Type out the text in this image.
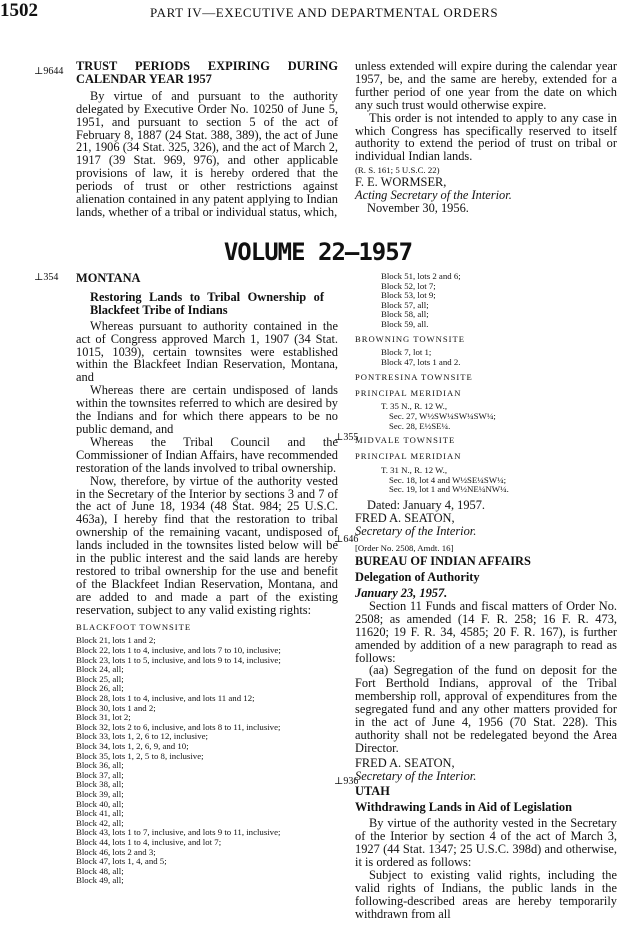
1502	PART IV—EXECUTIVE AND DEPARTMENTAL ORDERS
⊥9644
⊥354
⊥355
⊥646
⊥936

TRUST PERIODS EXPIRING DURING CALENDAR YEAR 1957

By virtue of and pursuant to the authority delegated by Executive Order No. 10250 of June 5, 1951, and pursuant to section 5 of the act of February 8, 1887 (24 Stat. 388, 389), the act of June 21, 1906 (34 Stat. 325, 326), and the act of March 2, 1917 (39 Stat. 969, 976), and other applicable provisions of law, it is hereby ordered that the periods of trust or other restrictions against alienation contained in any patent applying to Indian lands, whether of a tribal or individual status, which,

unless extended will expire during the calendar year 1957, be, and the same are hereby, extended for a further period of one year from the date on which any such trust would otherwise expire.

This order is not intended to apply to any case in which Congress has specifically reserved to itself authority to extend the period of trust on tribal or individual Indian lands.

(R. S. 161; 5 U.S.C. 22)

F. E. WORMSER,

Acting Secretary of the Interior.

November 30, 1956.

VOLUME 22—1957

MONTANA

Restoring Lands to Tribal Ownership of Blackfeet Tribe of Indians

Whereas pursuant to authority contained in the act of Congress approved March 1, 1907 (34 Stat. 1015, 1039), certain townsites were established within the Blackfeet Indian Reservation, Montana, and

Whereas there are certain undisposed of lands within the townsites referred to which are desired by the Indians and for which there appears to be no public demand, and

Whereas the Tribal Council and the Commissioner of Indian Affairs, have recommended restoration of the lands involved to tribal ownership.

Now, therefore, by virtue of the authority vested in the Secretary of the Interior by sections 3 and 7 of the act of June 18, 1934 (48 Stat. 984; 25 U.S.C. 463a), I hereby find that the restoration to tribal ownership of the remaining vacant, undisposed of lands included in the townsites listed below will be in the public interest and the said lands are hereby restored to tribal ownership for the use and benefit of the Blackfeet Indian Reservation, Montana, and are added to and made a part of the existing reservation, subject to any valid existing rights:

BLACKFOOT TOWNSITE

Block 21, lots 1 and 2;
Block 22, lots 1 to 4, inclusive, and lots 7 to 10, inclusive;
Block 23, lots 1 to 5, inclusive, and lots 9 to 14, inclusive;
Block 24, all;
Block 25, all;
Block 26, all;
Block 28, lots 1 to 4, inclusive, and lots 11 and 12;
Block 30, lots 1 and 2;
Block 31, lot 2;
Block 32, lots 2 to 6, inclusive, and lots 8 to 11, inclusive;
Block 33, lots 1, 2, 6 to 12, inclusive;
Block 34, lots 1, 2, 6, 9, and 10;
Block 35, lots 1, 2, 5 to 8, inclusive;
Block 36, all;
Block 37, all;
Block 38, all;
Block 39, all;
Block 40, all;
Block 41, all;
Block 42, all;
Block 43, lots 1 to 7, inclusive, and lots 9 to 11, inclusive;
Block 44, lots 1 to 4, inclusive, and lot 7;
Block 46, lots 2 and 3;
Block 47, lots 1, 4, and 5;
Block 48, all;
Block 49, all;
Block 51, lots 2 and 6;
Block 52, lot 7;
Block 53, lot 9;
Block 57, all;
Block 58, all;
Block 59, all.

BROWNING TOWNSITE

Block 7, lot 1;
Block 47, lots 1 and 2.

PONTRESINA TOWNSITE

PRINCIPAL MERIDIAN

T. 35 N., R. 12 W.,
Sec. 27, W½SW¼SW¼SW¼;
Sec. 28, E½SE¼.

MIDVALE TOWNSITE

PRINCIPAL MERIDIAN

T. 31 N., R. 12 W.,
Sec. 18, lot 4 and W½SE¼SW¼;
Sec. 19, lot 1 and W½NE¼NW¼.

Dated: January 4, 1957.

FRED A. SEATON,

Secretary of the Interior.

[Order No. 2508, Amdt. 16]

BUREAU OF INDIAN AFFAIRS

Delegation of Authority

January 23, 1957.

Section 11 Funds and fiscal matters of Order No. 2508; as amended (14 F. R. 258; 16 F. R. 473, 11620; 19 F. R. 34, 4585; 20 F. R. 167), is further amended by addition of a new paragraph to read as follows:

(aa) Segregation of the fund on deposit for the Fort Berthold Indians, approval of the Tribal membership roll, approval of expenditures from the segregated fund and any other matters provided for in the act of June 4, 1956 (70 Stat. 228). This authority shall not be redelegated beyond the Area Director.

FRED A. SEATON,

Secretary of the Interior.

UTAH

Withdrawing Lands in Aid of Legislation

By virtue of the authority vested in the Secretary of the Interior by section 4 of the act of March 3, 1927 (44 Stat. 1347; 25 U.S.C. 398d) and otherwise, it is ordered as follows:

Subject to existing valid rights, including the valid rights of Indians, the public lands in the following-described areas are hereby temporarily withdrawn from all
